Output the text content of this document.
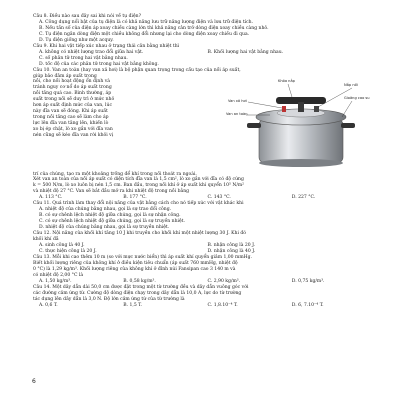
Câu 8. Điều nào sau đây sai khi nói về tụ điện?

A. Công dụng nổi bật của tụ điện là có khả năng lưu trữ năng lượng điện và lưu trữ điện tích.

B. Nếu tần số của điện áp xoay chiều càng lớn thì khả năng cản trở dòng điện xoay chiều càng nhỏ.

C. Tụ điện ngăn dòng điện một chiều không đổi nhưng lại cho dòng điện xoay chiều đi qua.

D. Tụ điện giống như một acquy.

Câu 9. Khi hai vật tiếp xúc nhau ở trạng thái cân bằng nhiệt thì

A. không có nhiệt lượng trao đổi giữa hai vật.	B. Khối lượng hai vật bằng nhau.

C. số phân tử trong hai vật bằng nhau.

D. tốc độ của các phân tử trong hai vật bằng không.

Câu 10. Van an toàn (hay van xả hơi) là bộ phận quan trọng trong cấu tạo của nồi áp suất,

Khóa nắp
Van xả hơi
Van an toàn
Nắp nồi
Gioăng cao su

giúp bảo đảm áp suất trong

nồi, cho nồi hoạt động ổn định và

tránh nguy cơ nổ do áp suất trong

nồi tăng quá cao. Bình thường, áp

suất trong nồi sẽ duy trì ở mức nhỏ

hơn áp suất định mức của van, lúc

này đĩa van sẽ đóng. Khi áp suất

trong nồi tăng cao sẽ làm cho áp

lực lên đĩa van tăng lên, khiến lò

xo bị ép chặt, lò xo gắn với đĩa van

nén cũng sẽ kéo đĩa van rời khỏi vị

trí của chúng, tạo ra một khoảng trống để khí trong nồi thoát ra ngoài.

Xét van an toàn của nồi áp suất có diện tích đĩa van là 1,5 cm², lò xo gắn với đĩa có độ cứng

k = 500 N/m, lò xo luôn bị nén 1,5 cm. Ban đầu, trong nồi khí ở áp suất khí quyển 10⁵ N/m²

và nhiệt độ 27 °C. Van sẽ bắt đầu mở ra khi nhiệt độ trong nồi bằng

A. 113 °C.	B. 177 °C.	C. 143 °C.	D. 227 °C.

Câu 11. Quá trình làm thay đổi nội năng của vật bằng cách cho nó tiếp xúc với vật khác khi

A. nhiệt độ của chúng bằng nhau, gọi là sự trao đổi công.

B. có sự chênh lệch nhiệt độ giữa chúng, gọi là sự nhận công.

C. có sự chênh lệch nhiệt độ giữa chúng, gọi là sự truyền nhiệt.

D. nhiệt độ của chúng bằng nhau, gọi là sự truyền nhiệt.

Câu 12. Nội năng của khối khí tăng 10 J khi truyền cho khối khí một nhiệt lượng 30 J. Khi đó

khối khí đã

A. sinh công là 40 J.	B. nhận công là 20 J.
C. thực hiện công là 20 J.	D. nhận công là 40 J.

Câu 13. Mỗi khi cao thêm 10 m (so với mực nước biển) thì áp suất khí quyển giảm 1,00 mmHg.

Biết khối lượng riêng của không khí ở điều kiện tiêu chuẩn (áp suất 760 mmHg, nhiệt độ

0 °C) là 1,29 kg/m³. Khối lượng riêng của không khí ở đỉnh núi Fansipan cao 3 140 m và

có nhiệt độ 2,00 °C là

A. 1,50 kg/m³.	B. 0,58 kg/m³.	C. 2,90 kg/m³.	D. 0,75 kg/m³.

Câu 14. Một dây dẫn dài 50,0 cm được đặt trong một từ trường đều và dây dẫn vuông góc với

các đường cảm ứng từ. Cường độ dòng điện chạy trong dây dẫn là 10,0 A, lực do từ trường

tác dụng lên dây dẫn là 3,0 N. Độ lớn cảm ứng từ của từ trường là

A. 0,6 T.	B. 1,5 T.	C. 1,8.10⁻⁴ T.	D. 6, 7.10⁻⁴ T.
6
